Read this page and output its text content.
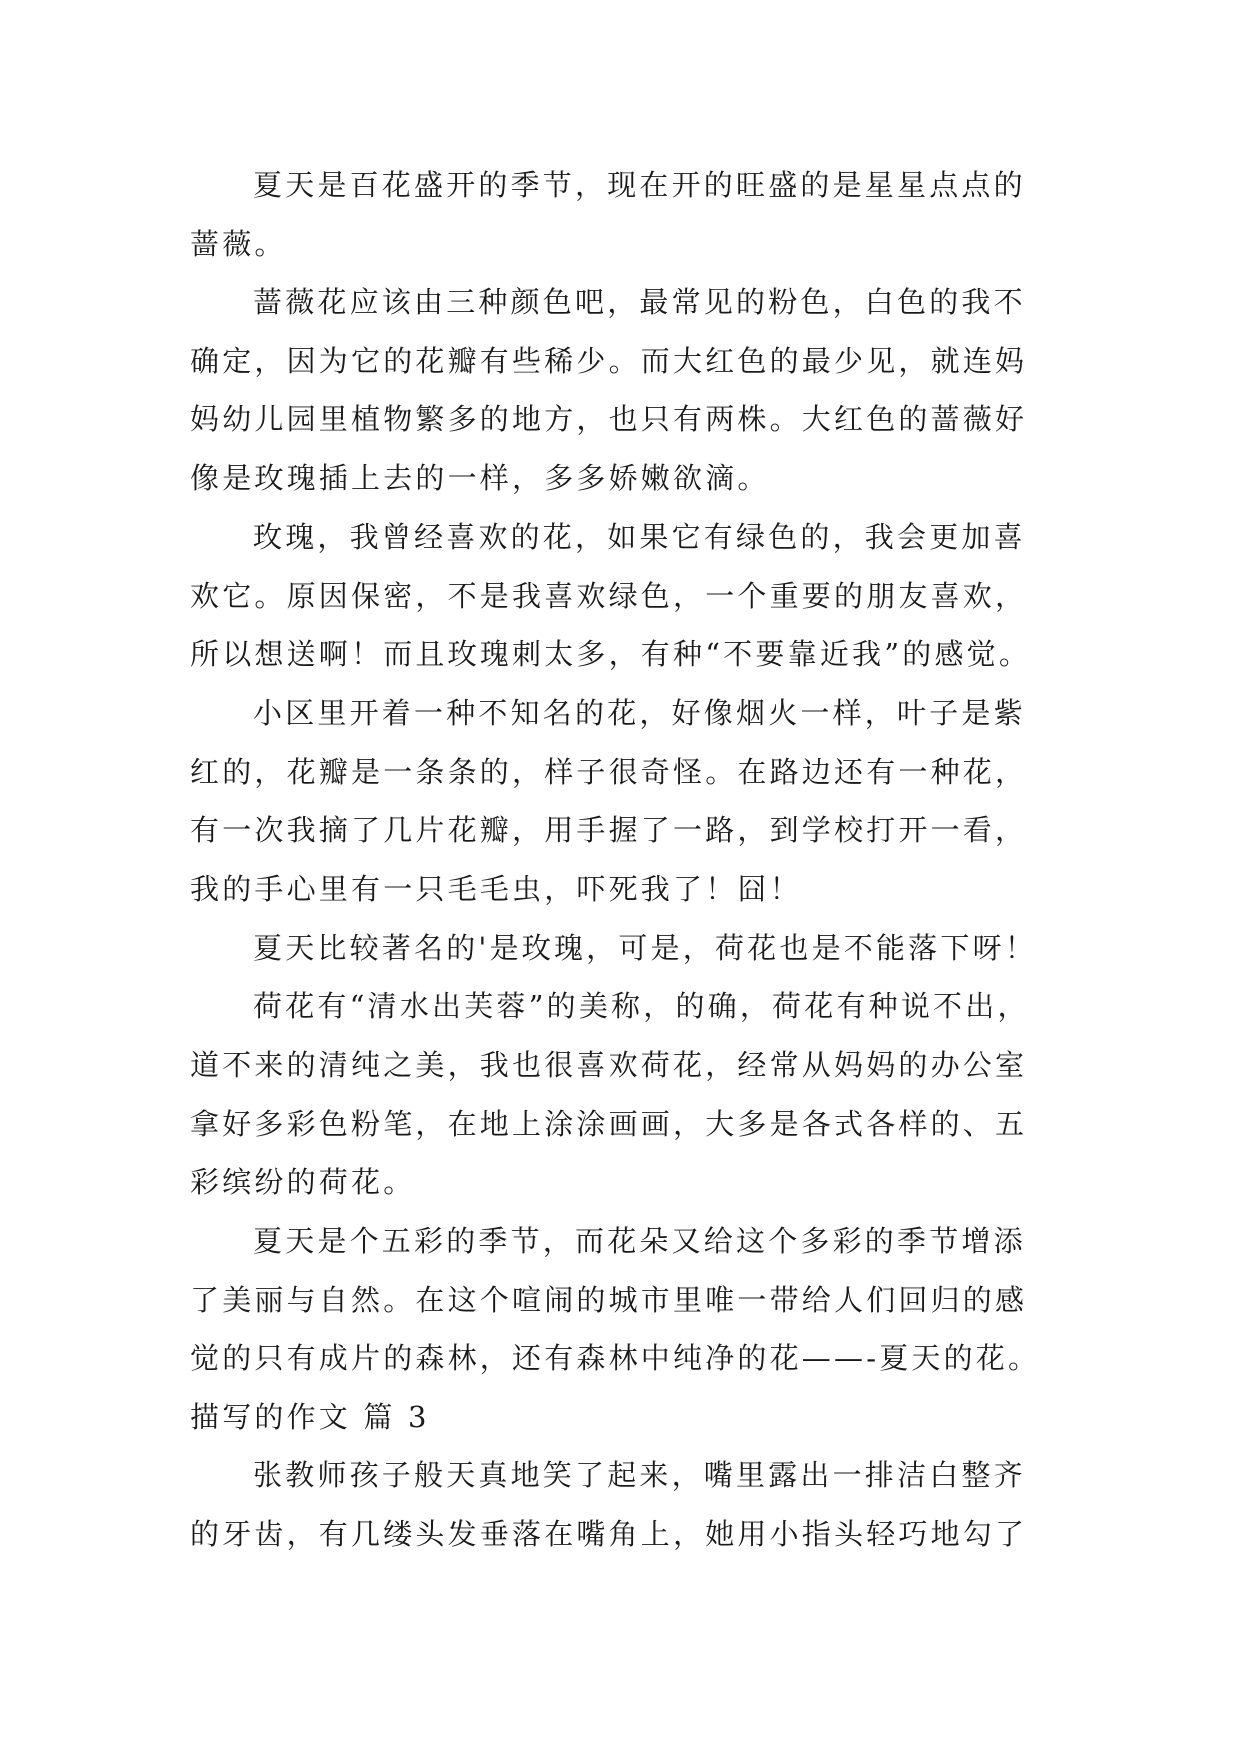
夏天是百花盛开的季节，现在开的旺盛的是星星点点的
蔷薇。
蔷薇花应该由三种颜色吧，最常见的粉色，白色的我不
确定，因为它的花瓣有些稀少。而大红色的最少见，就连妈
妈幼儿园里植物繁多的地方，也只有两株。大红色的蔷薇好
像是玫瑰插上去的一样，多多娇嫩欲滴。
玫瑰，我曾经喜欢的花，如果它有绿色的，我会更加喜
欢它。原因保密，不是我喜欢绿色，一个重要的朋友喜欢，
所以想送啊！而且玫瑰刺太多，有种“不要靠近我”的感觉。
小区里开着一种不知名的花，好像烟火一样，叶子是紫
红的，花瓣是一条条的，样子很奇怪。在路边还有一种花，
有一次我摘了几片花瓣，用手握了一路，到学校打开一看，
我的手心里有一只毛毛虫，吓死我了！囧！
夏天比较著名的'是玫瑰，可是，荷花也是不能落下呀！
荷花有“清水出芙蓉”的美称，的确，荷花有种说不出，
道不来的清纯之美，我也很喜欢荷花，经常从妈妈的办公室
拿好多彩色粉笔，在地上涂涂画画，大多是各式各样的、五
彩缤纷的荷花。
夏天是个五彩的季节，而花朵又给这个多彩的季节增添
了美丽与自然。在这个喧闹的城市里唯一带给人们回归的感
觉的只有成片的森林，还有森林中纯净的花——-夏天的花。
描写的作文 篇 3
张教师孩子般天真地笑了起来，嘴里露出一排洁白整齐
的牙齿，有几缕头发垂落在嘴角上，她用小指头轻巧地勾了
